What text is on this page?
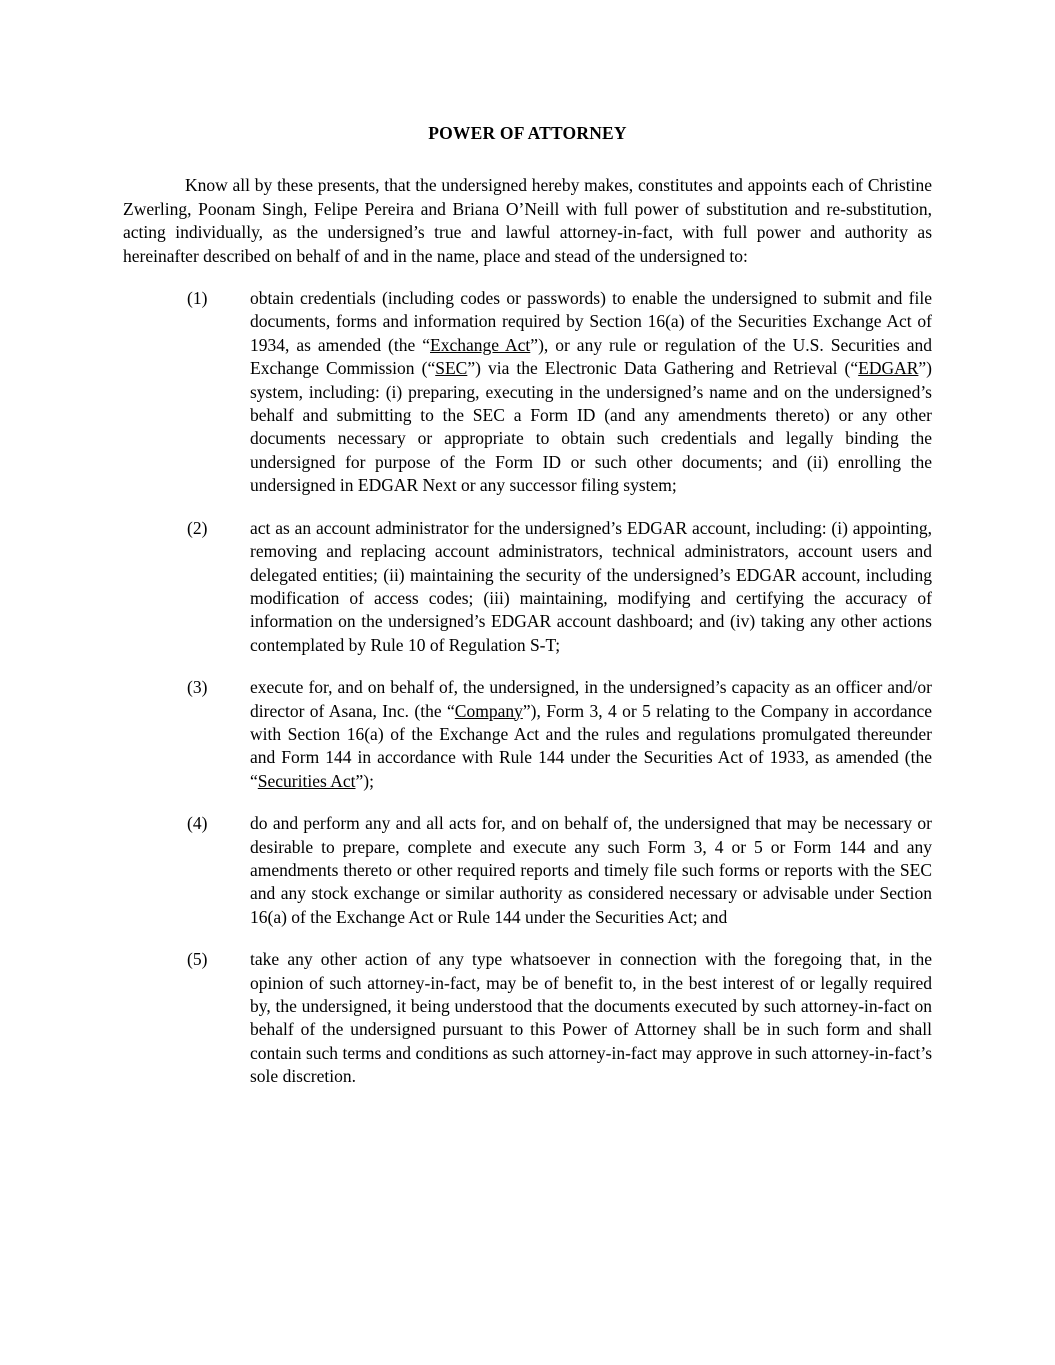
POWER OF ATTORNEY

Know all by these presents, that the undersigned hereby makes, constitutes and appoints each of Christine Zwerling, Poonam Singh, Felipe Pereira and Briana O’Neill with full power of substitution and re-substitution, acting individually, as the undersigned’s true and lawful attorney-in-fact, with full power and authority as hereinafter described on behalf of and in the name, place and stead of the undersigned to:

(1)	obtain credentials (including codes or passwords) to enable the undersigned to submit and file documents, forms and information required by Section 16(a) of the Securities Exchange Act of 1934, as amended (the “Exchange Act”), or any rule or regulation of the U.S. Securities and Exchange Commission (“SEC”) via the Electronic Data Gathering and Retrieval (“EDGAR”) system, including: (i) preparing, executing in the undersigned’s name and on the undersigned’s behalf and submitting to the SEC a Form ID (and any amendments thereto) or any other documents necessary or appropriate to obtain such credentials and legally binding the undersigned for purpose of the Form ID or such other documents; and (ii) enrolling the undersigned in EDGAR Next or any successor filing system;
(2)	act as an account administrator for the undersigned’s EDGAR account, including: (i) appointing, removing and replacing account administrators, technical administrators, account users and delegated entities; (ii) maintaining the security of the undersigned’s EDGAR account, including modification of access codes; (iii) maintaining, modifying and certifying the accuracy of information on the undersigned’s EDGAR account dashboard; and (iv) taking any other actions contemplated by Rule 10 of Regulation S-T;
(3)	execute for, and on behalf of, the undersigned, in the undersigned’s capacity as an officer and/or director of Asana, Inc. (the “Company”), Form 3, 4 or 5 relating to the Company in accordance with Section 16(a) of the Exchange Act and the rules and regulations promulgated thereunder and Form 144 in accordance with Rule 144 under the Securities Act of 1933, as amended (the “Securities Act”);
(4)	do and perform any and all acts for, and on behalf of, the undersigned that may be necessary or desirable to prepare, complete and execute any such Form 3, 4 or 5 or Form 144 and any amendments thereto or other required reports and timely file such forms or reports with the SEC and any stock exchange or similar authority as considered necessary or advisable under Section 16(a) of the Exchange Act or Rule 144 under the Securities Act; and
(5)	take any other action of any type whatsoever in connection with the foregoing that, in the opinion of such attorney-in-fact, may be of benefit to, in the best interest of or legally required by, the undersigned, it being understood that the documents executed by such attorney-in-fact on behalf of the undersigned pursuant to this Power of Attorney shall be in such form and shall contain such terms and conditions as such attorney-in-fact may approve in such attorney-in-fact’s sole discretion.
